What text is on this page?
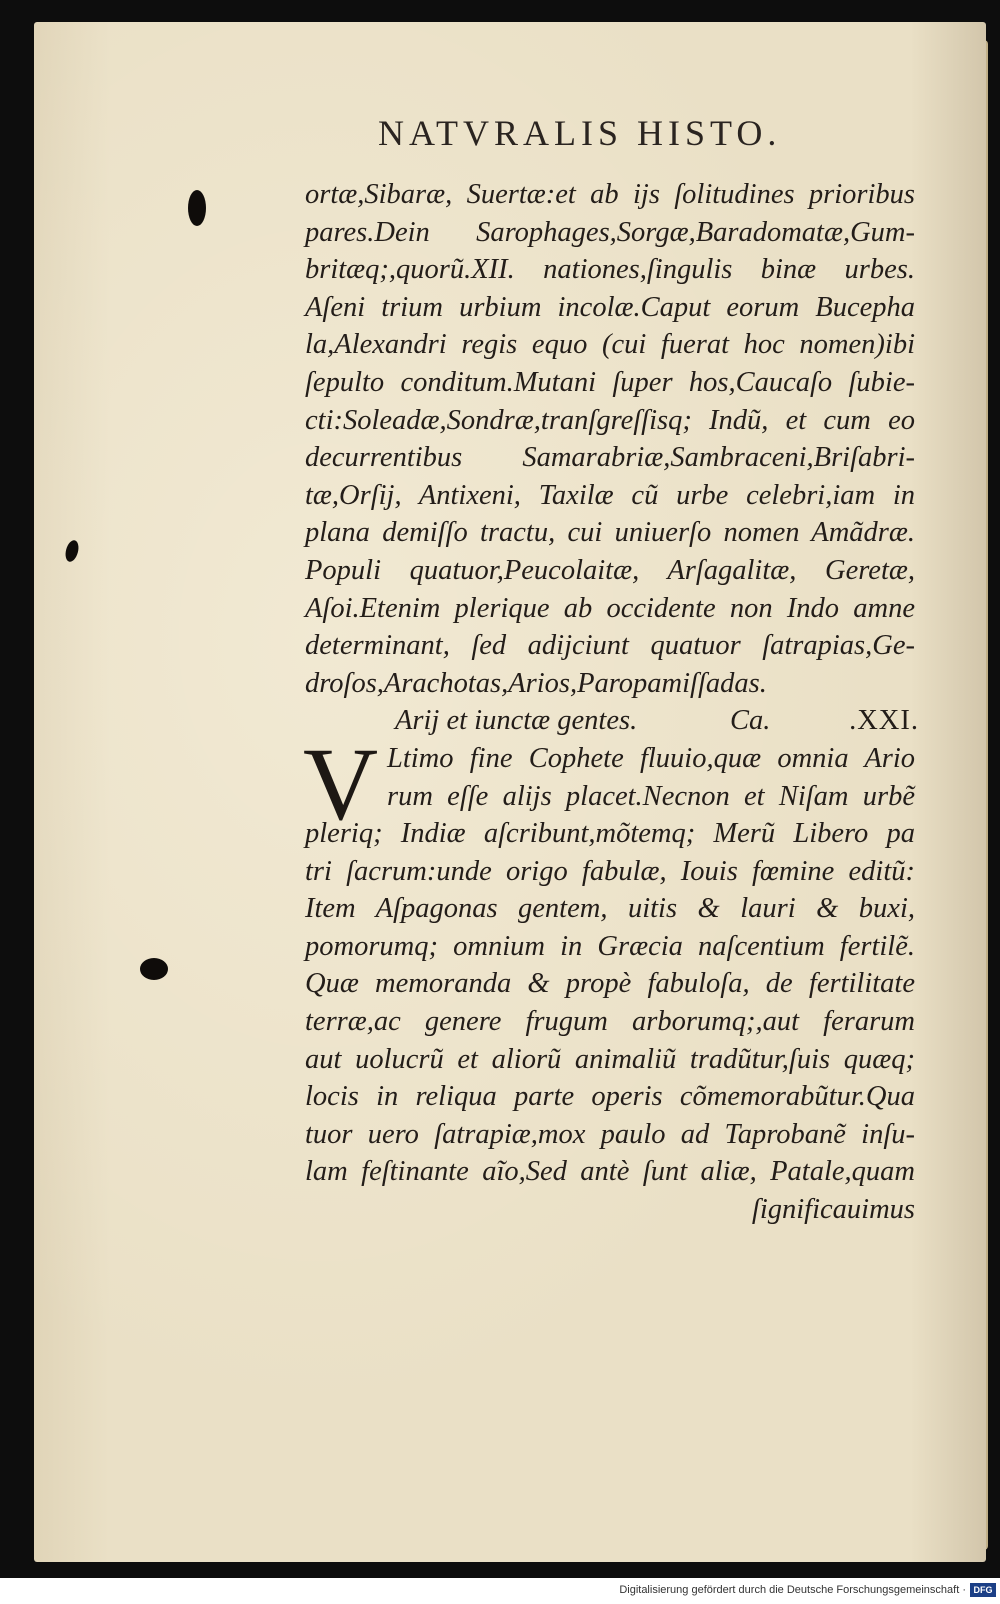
NATVRALIS HISTO.
ortæ,Sibaræ, Suertæ:et ab ijs ſolitudines prioribus
pares.Dein Sarophages,Sorgæ,Baradomatæ,Gum-
britæq;,quorũ.XII. nationes,ſingulis binæ urbes.
Aſeni trium urbium incolæ.Caput eorum Bucepha
la,Alexandri regis equo (cui fuerat hoc nomen)ibi
ſepulto conditum.Mutani ſuper hos,Caucaſo ſubie-
cti:Soleadæ,Sondræ,tranſgreſſisq; Indũ, et cum eo
decurrentibus Samarabriæ,Sambraceni,Briſabri-
tæ,Orſij, Antixeni, Taxilæ cũ urbe celebri,iam in
plana demiſſo tractu, cui uniuerſo nomen Amãdræ.
Populi quatuor,Peucolaitæ, Arſagalitæ, Geretæ,
Aſoi.Etenim plerique ab occidente non Indo amne
determinant, ſed adijciunt quatuor ſatrapias,Ge-
droſos,Arachotas,Arios,Paropamiſſadas.
Arij et iunctæ gentes.	Ca.	.XXI.
V Ltimo fine Cophete fluuio,quæ omnia Ario
rum eſſe alijs placet.Necnon et Niſam urbẽ
pleriq; Indiæ aſcribunt,mõtemq; Merũ Libero pa
tri ſacrum:unde origo fabulæ, Iouis fœmine editũ:
Item Aſpagonas gentem, uitis & lauri & buxi,
pomorumq; omnium in Græcia naſcentium fertilẽ.
Quæ memoranda & propè fabuloſa, de fertilitate
terræ,ac genere frugum arborumq;,aut ferarum
aut uolucrũ et aliorũ animaliũ tradũtur,ſuis quæq;
locis in reliqua parte operis cõmemorabũtur.Qua
tuor uero ſatrapiæ,mox paulo ad Taprobanẽ inſu-
lam feſtinante aĩo,Sed antè ſunt aliæ, Patale,quam
ſignificauimus
Digitalisierung gefördert durch die Deutsche Forschungsgemeinschaft · DFG
